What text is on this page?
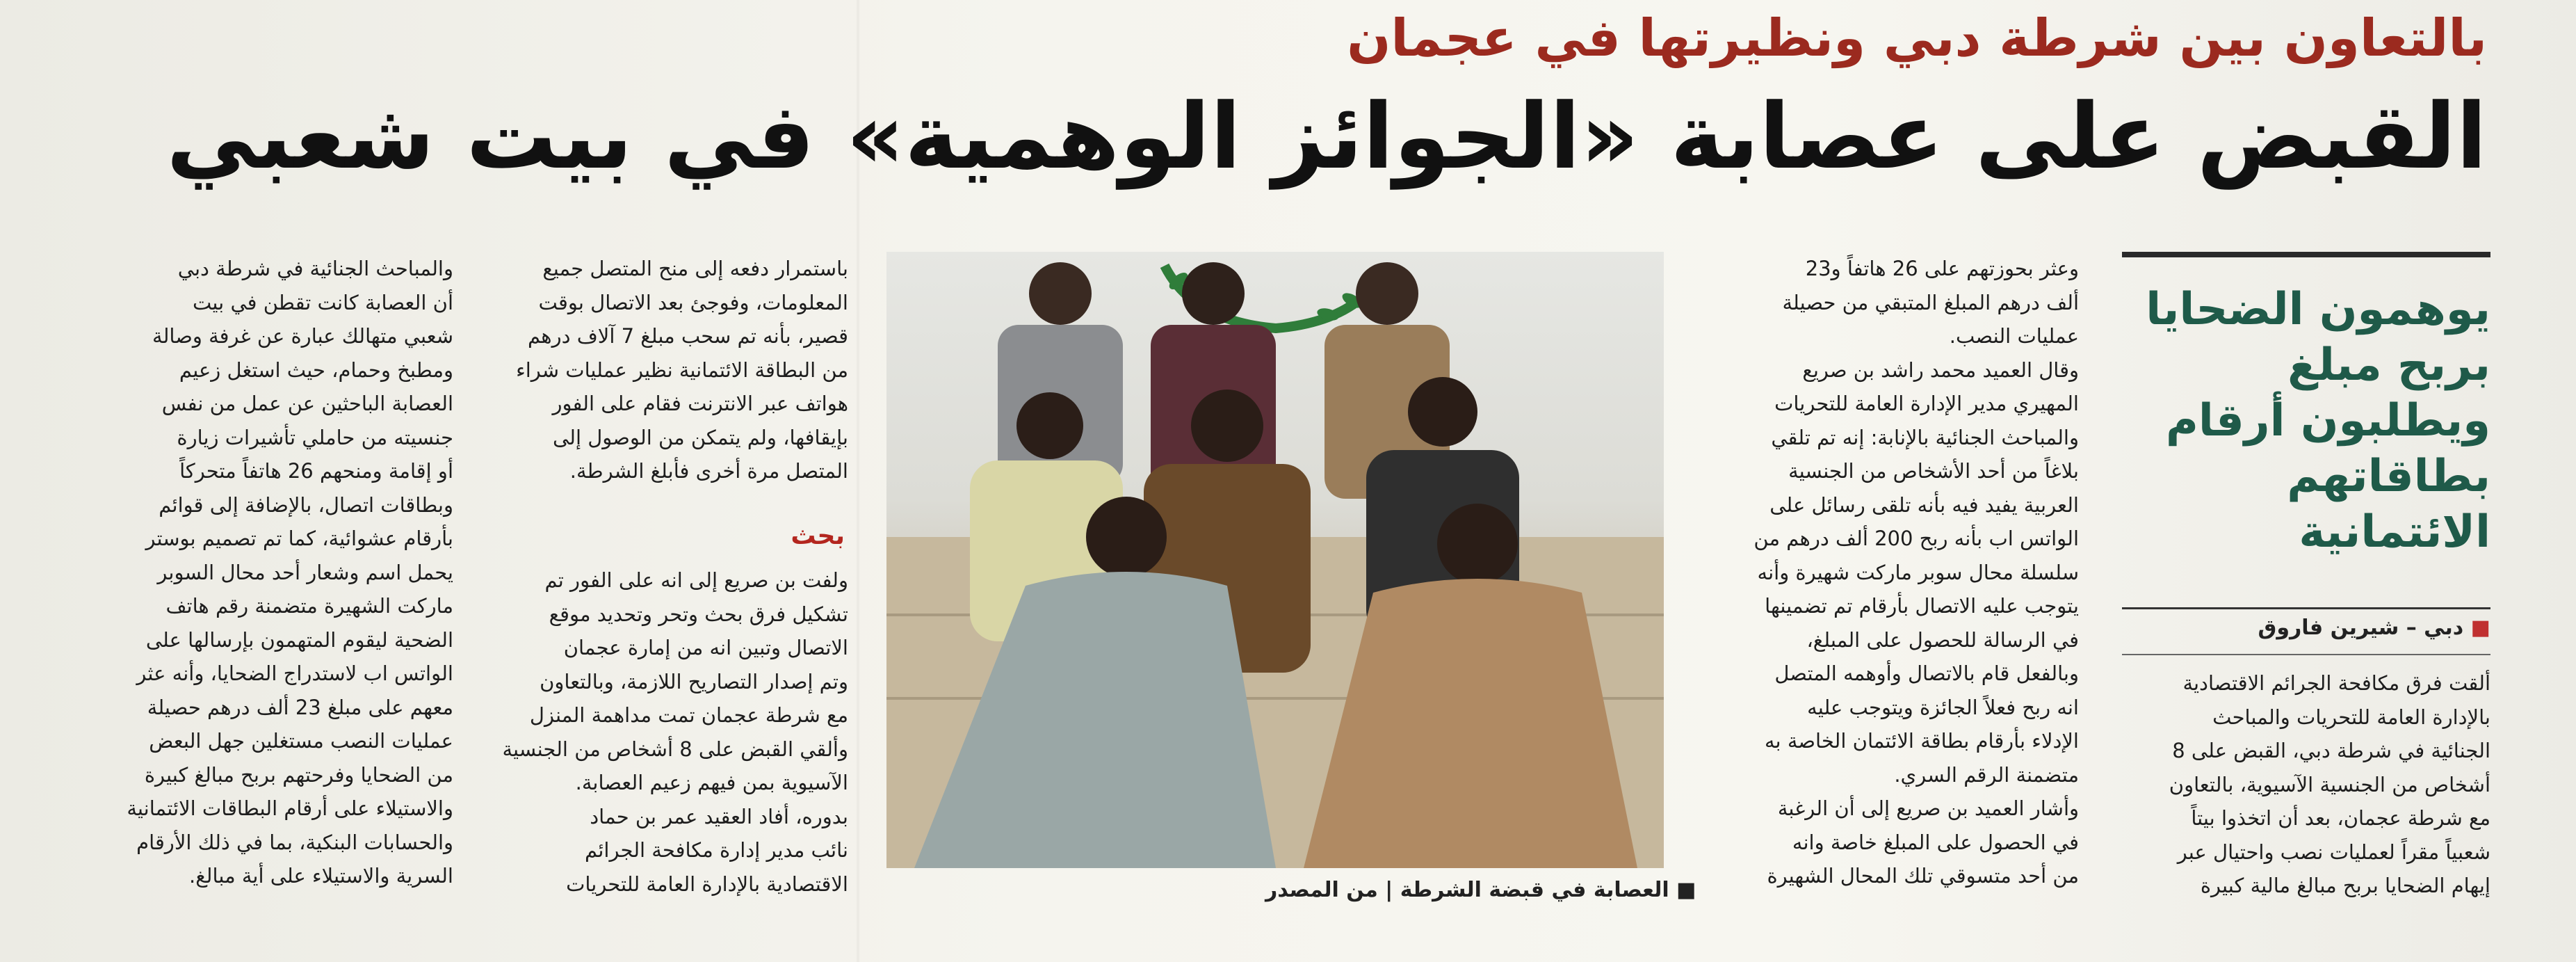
بالتعاون بين شرطة دبي ونظيرتها في عجمان
القبض على عصابة «الجوائز الوهمية» في بيت شعبي
يوهمون الضحايا بربح مبلغ ويطلبون أرقام بطاقاتهم الائتمانية
■ دبي – شيرين فاروق

ألقت فرق مكافحة الجرائم الاقتصادية

بالإدارة العامة للتحريات والمباحث

الجنائية في شرطة دبي، القبض على 8

أشخاص من الجنسية الآسيوية، بالتعاون

مع شرطة عجمان، بعد أن اتخذوا بيتاً

شعبياً مقراً لعمليات نصب واحتيال عبر

إيهام الضحايا بربح مبالغ مالية كبيرة

وعثر بحوزتهم على 26 هاتفاً و23

ألف درهم المبلغ المتبقي من حصيلة

عمليات النصب.

وقال العميد محمد راشد بن صريع

المهيري مدير الإدارة العامة للتحريات

والمباحث الجنائية بالإنابة: إنه تم تلقي

بلاغاً من أحد الأشخاص من الجنسية

العربية يفيد فيه بأنه تلقى رسائل على

الواتس اب بأنه ربح 200 ألف درهم من

سلسلة محال سوبر ماركت شهيرة وأنه

يتوجب عليه الاتصال بأرقام تم تضمينها

في الرسالة للحصول على المبلغ،

وبالفعل قام بالاتصال وأوهمه المتصل

انه ربح فعلاً الجائزة ويتوجب عليه

الإدلاء بأرقام بطاقة الائتمان الخاصة به

متضمنة الرقم السري.

وأشار العميد بن صريع إلى أن الرغبة

في الحصول على المبلغ خاصة وانه

من أحد متسوقي تلك المحال الشهيرة

■ العصابة في قبضة الشرطة | من المصدر

باستمرار دفعه إلى منح المتصل جميع

المعلومات، وفوجئ بعد الاتصال بوقت

قصير، بأنه تم سحب مبلغ 7 آلاف درهم

من البطاقة الائتمانية نظير عمليات شراء

هواتف عبر الانترنت فقام على الفور

بإيقافها، ولم يتمكن من الوصول إلى

المتصل مرة أخرى فأبلغ الشرطة.

بحث

ولفت بن صريع إلى انه على الفور تم

تشكيل فرق بحث وتحر وتحديد موقع

الاتصال وتبين انه من إمارة عجمان

وتم إصدار التصاريح اللازمة، وبالتعاون

مع شرطة عجمان تمت مداهمة المنزل

وألقي القبض على 8 أشخاص من الجنسية

الآسيوية بمن فيهم زعيم العصابة.

بدوره، أفاد العقيد عمر بن حماد

نائب مدير إدارة مكافحة الجرائم

الاقتصادية بالإدارة العامة للتحريات

والمباحث الجنائية في شرطة دبي

أن العصابة كانت تقطن في بيت

شعبي متهالك عبارة عن غرفة وصالة

ومطبخ وحمام، حيث استغل زعيم

العصابة الباحثين عن عمل من نفس

جنسيته من حاملي تأشيرات زيارة

أو إقامة ومنحهم 26 هاتفاً متحركاً

وبطاقات اتصال، بالإضافة إلى قوائم

بأرقام عشوائية، كما تم تصميم بوستر

يحمل اسم وشعار أحد محال السوبر

ماركت الشهيرة متضمنة رقم هاتف

الضحية ليقوم المتهمون بإرسالها على

الواتس اب لاستدراج الضحايا، وأنه عثر

معهم على مبلغ 23 ألف درهم حصيلة

عمليات النصب مستغلين جهل البعض

من الضحايا وفرحتهم بربح مبالغ كبيرة

والاستيلاء على أرقام البطاقات الائتمانية

والحسابات البنكية، بما في ذلك الأرقام

السرية والاستيلاء على أية مبالغ.
